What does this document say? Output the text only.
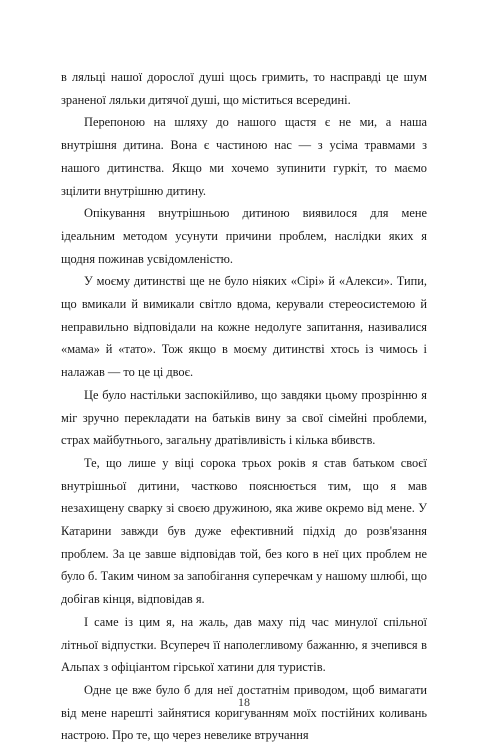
в ляльці нашої дорослої душі щось гримить, то насправді це шум зраненої ляльки дитячої душі, що міститься всередині.

Перепоною на шляху до нашого щастя є не ми, а наша внутрішня дитина. Вона є частиною нас — з усіма травмами з нашого дитинства. Якщо ми хочемо зупинити гуркіт, то маємо зцілити внутрішню дитину.

Опікування внутрішньою дитиною виявилося для мене ідеальним методом усунути причини проблем, наслідки яких я щодня пожинав усвідомленістю.

У моєму дитинстві ще не було ніяких «Сірі» й «Алекси». Типи, що вмикали й вимикали світло вдома, керували стереосистемою й неправильно відповідали на кожне недолуге запитання, називалися «мама» й «тато». Тож якщо в моєму дитинстві хтось із чимось і налажав — то це ці двоє.

Це було настільки заспокійливо, що завдяки цьому прозрінню я міг зручно перекладати на батьків вину за свої сімейні проблеми, страх майбутнього, загальну дратівливість і кілька вбивств.

Те, що лише у віці сорока трьох років я став батьком своєї внутрішньої дитини, частково пояснюється тим, що я мав незахищену сварку зі своєю дружиною, яка живе окремо від мене. У Катарини завжди був дуже ефективний підхід до розв'язання проблем. За це завше відповідав той, без кого в неї цих проблем не було б. Таким чином за запобігання суперечкам у нашому шлюбі, що добігав кінця, відповідав я.

І саме із цим я, на жаль, дав маху під час минулої спільної літньої відпустки. Всупереч її наполегливому бажанню, я зчепився в Альпах з офіціантом гірської хатини для туристів.

Одне це вже було б для неї достатнім приводом, щоб вимагати від мене нарешті зайнятися коригуванням моїх постійних коливань настрою. Про те, що через невелике втручання

18
